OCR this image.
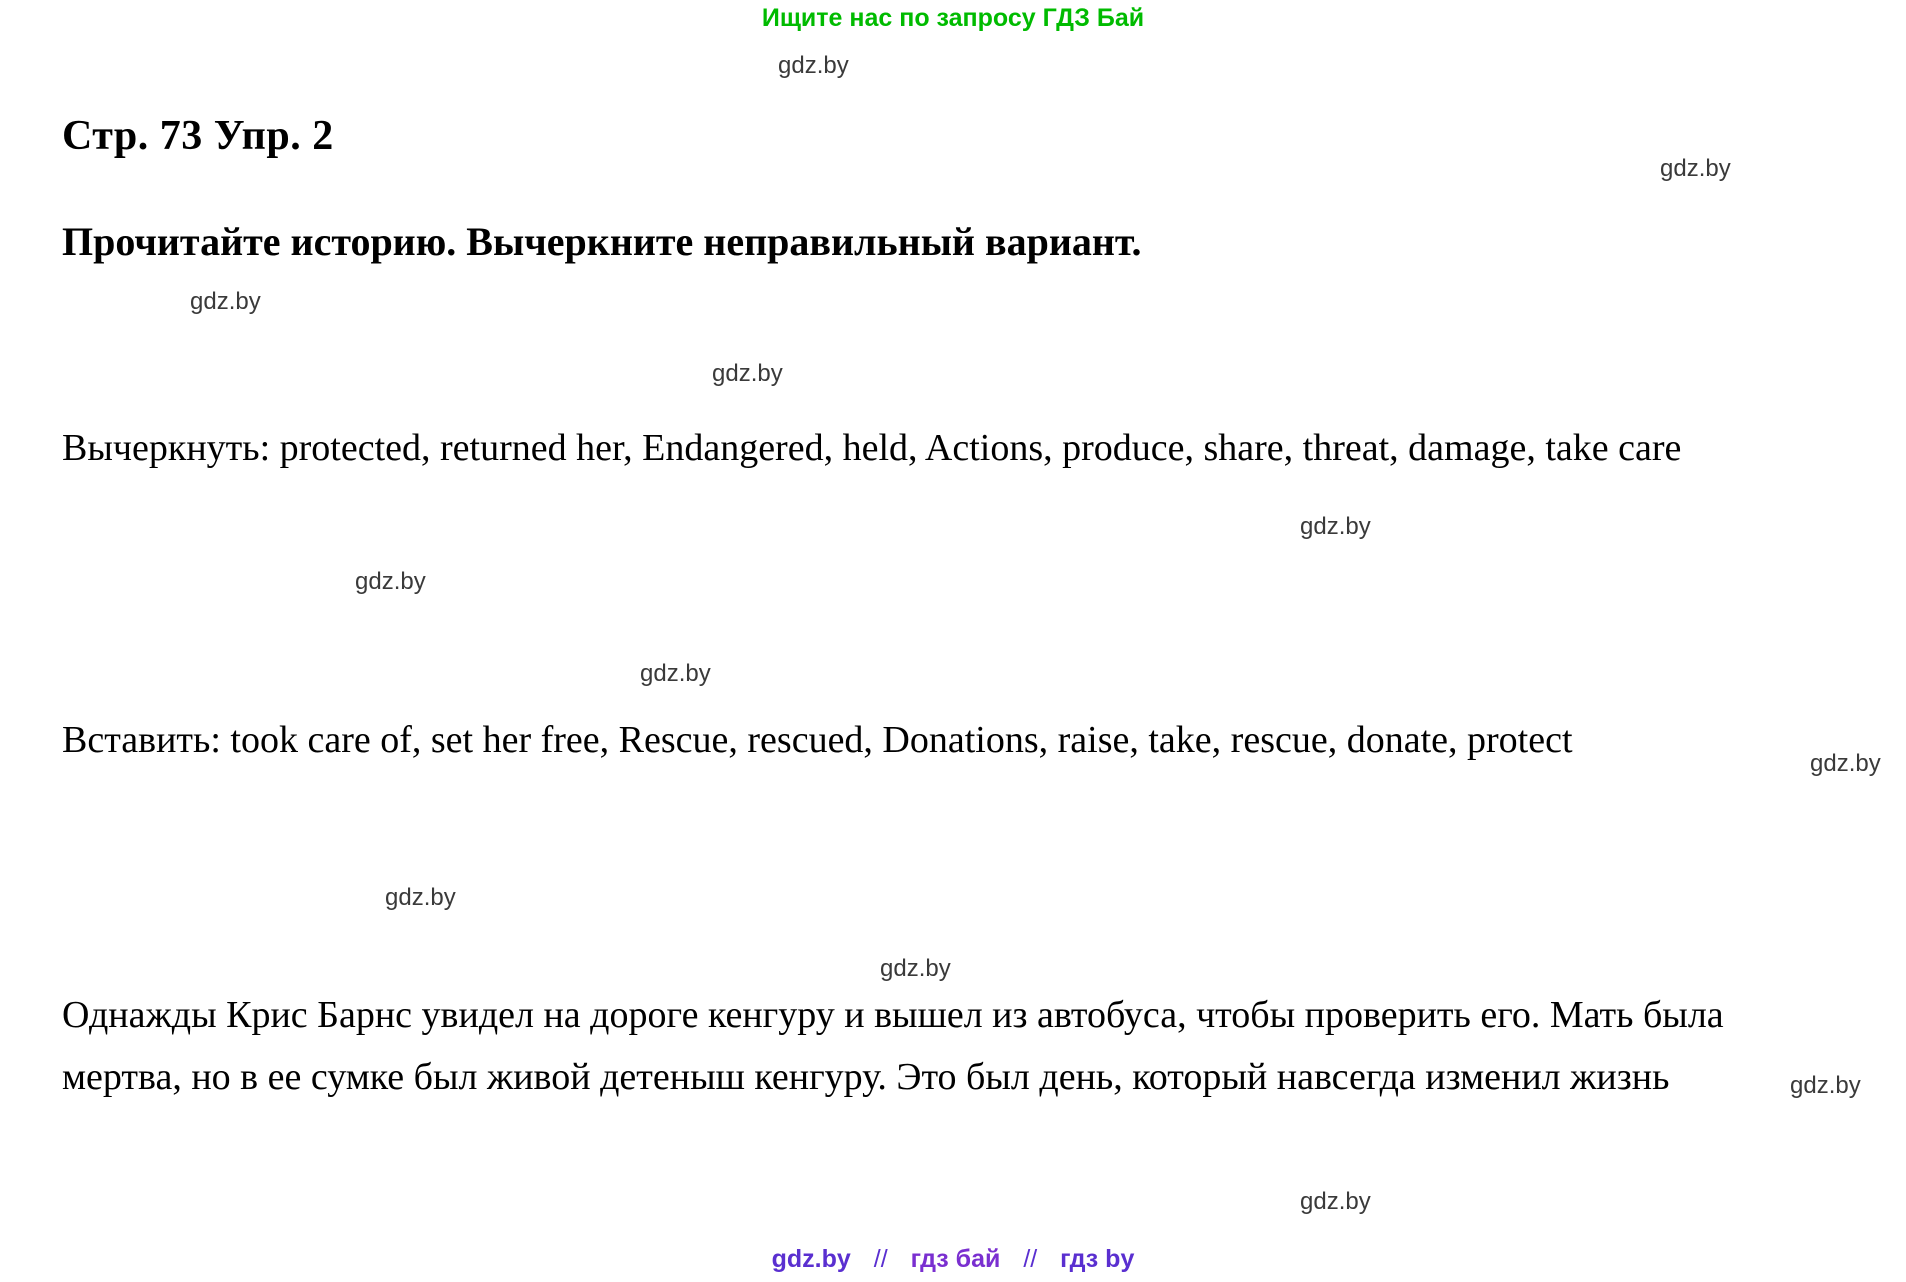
Ищите нас по запросу ГДЗ Бай
Стр. 73 Упр. 2
Прочитайте историю. Вычеркните неправильный вариант.
Вычеркнуть: protected, returned her, Endangered, held, Actions, produce, share, threat, damage, take care
Вставить: took care of, set her free, Rescue, rescued, Donations, raise, take, rescue, donate, protect
Однажды Крис Барнс увидел на дороге кенгуру и вышел из автобуса, чтобы проверить его. Мать была мертва, но в ее сумке был живой детеныш кенгуру. Это был день, который навсегда изменил жизнь
gdz.by
gdz.by
gdz.by
gdz.by
gdz.by
gdz.by
gdz.by
gdz.by
gdz.by
gdz.by
gdz.by
gdz.by
gdz.by // гдз бай // гдз by
